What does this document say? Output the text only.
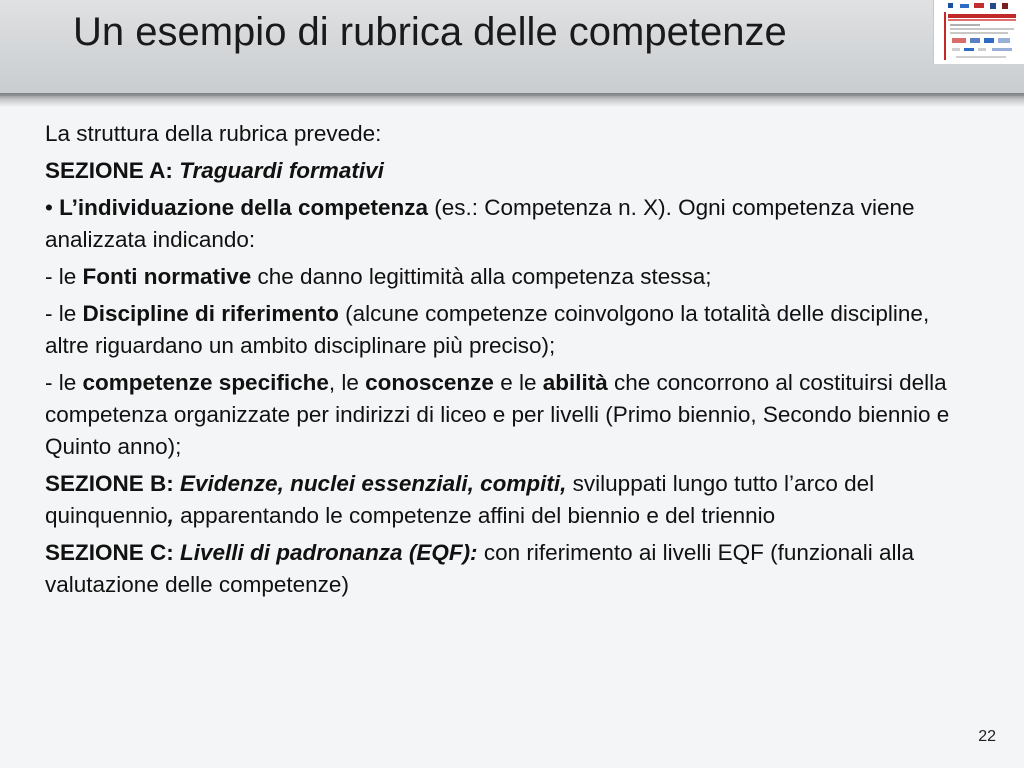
Un esempio di rubrica delle competenze

La struttura della rubrica prevede:

SEZIONE A: Traguardi formativi

• L’individuazione della competenza (es.: Competenza n. X). Ogni competenza viene analizzata indicando:

- le Fonti normative che danno legittimità alla competenza stessa;

- le Discipline di riferimento (alcune competenze coinvolgono la totalità delle discipline, altre riguardano un ambito disciplinare più preciso);

- le competenze specifiche, le conoscenze e le abilità che concorrono al costituirsi della competenza organizzate per indirizzi di liceo e per livelli (Primo biennio, Secondo biennio e Quinto anno);

SEZIONE B: Evidenze, nuclei essenziali, compiti, sviluppati lungo tutto l’arco del quinquennio, apparentando le competenze affini del biennio e del triennio

SEZIONE C: Livelli di padronanza (EQF): con riferimento ai livelli EQF (funzionali alla valutazione delle competenze)

22
